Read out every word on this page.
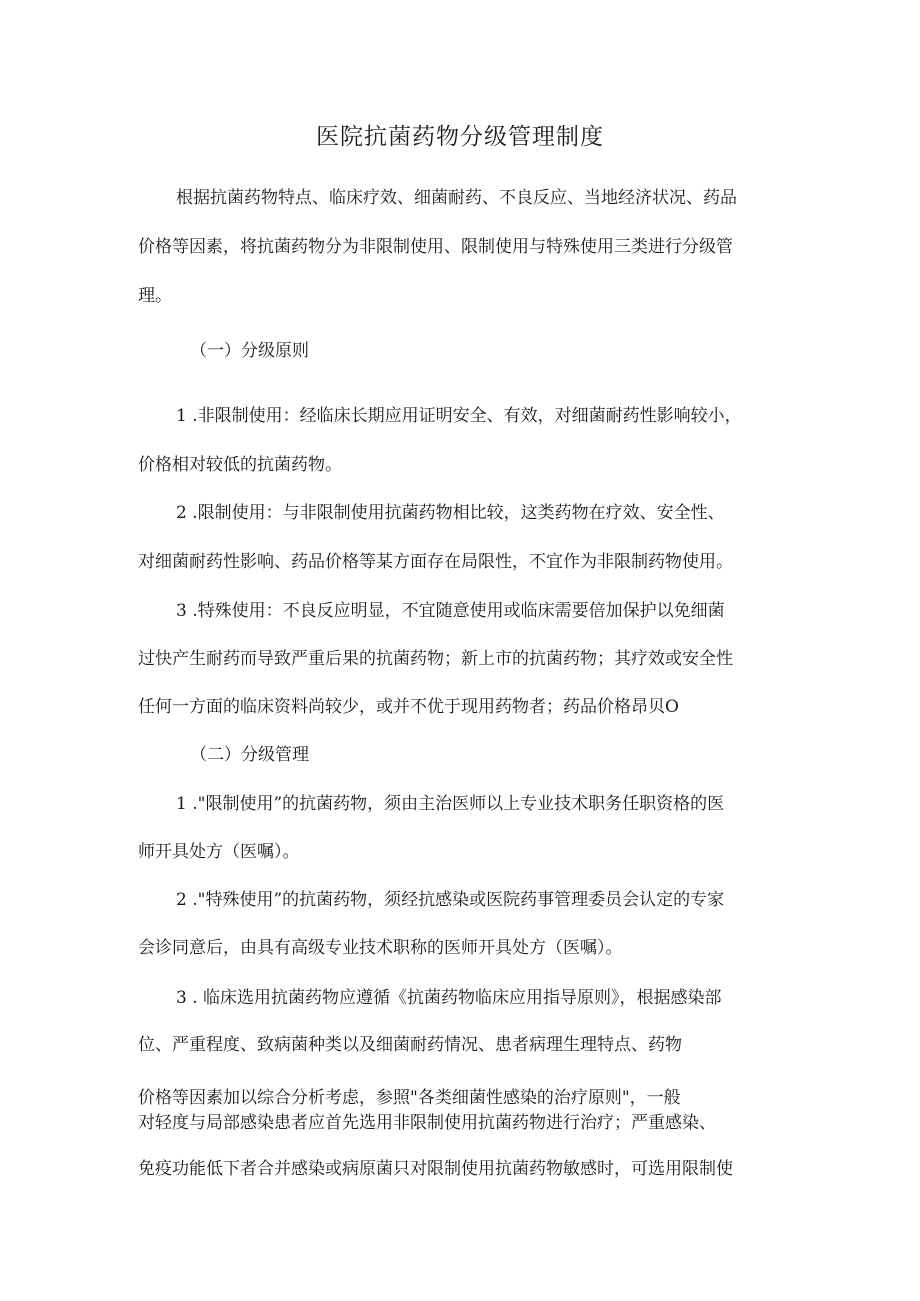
医院抗菌药物分级管理制度
根据抗菌药物特点、临床疗效、细菌耐药、不良反应、当地经济状况、药品
价格等因素，将抗菌药物分为非限制使用、限制使用与特殊使用三类进行分级管
理。
（一）分级原则
1 .非限制使用：经临床长期应用证明安全、有效，对细菌耐药性影响较小，
价格相对较低的抗菌药物。
2 .限制使用：与非限制使用抗菌药物相比较，这类药物在疗效、安全性、
对细菌耐药性影响、药品价格等某方面存在局限性，不宜作为非限制药物使用。
3 .特殊使用：不良反应明显，不宜随意使用或临床需要倍加保护以免细菌
过快产生耐药而导致严重后果的抗菌药物；新上市的抗菌药物；其疗效或安全性
任何一方面的临床资料尚较少，或并不优于现用药物者；药品价格昂贝O
（二）分级管理
1 ."限制使用”的抗菌药物，须由主治医师以上专业技术职务任职资格的医
师开具处方（医嘱）。
2 ."特殊使用”的抗菌药物，须经抗感染或医院药事管理委员会认定的专家
会诊同意后，由具有高级专业技术职称的医师开具处方（医嘱）。
3 . 临床选用抗菌药物应遵循《抗菌药物临床应用指导原则》，根据感染部
位、严重程度、致病菌种类以及细菌耐药情况、患者病理生理特点、药物
价格等因素加以综合分析考虑，参照"各类细菌性感染的治疗原则"，一般
对轻度与局部感染患者应首先选用非限制使用抗菌药物进行治疗；严重感染、
免疫功能低下者合并感染或病原菌只对限制使用抗菌药物敏感时，可选用限制使
